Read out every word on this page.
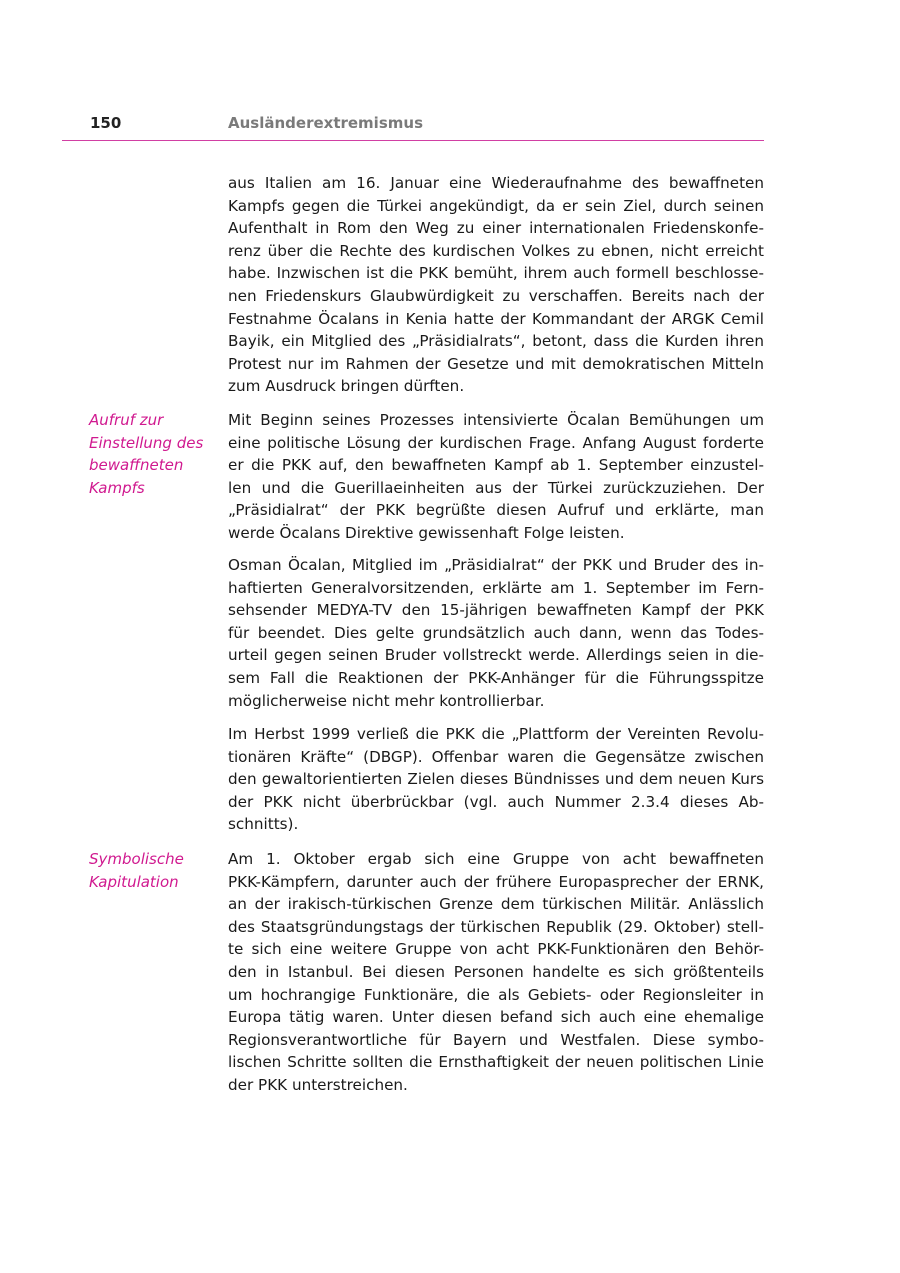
150	Ausländerextremismus
Aufruf zur
Einstellung des
bewaffneten
Kampfs
Symbolische
Kapitulation

aus Italien am 16. Januar eine Wiederaufnahme des bewaffneten
Kampfs gegen die Türkei angekündigt, da er sein Ziel, durch seinen
Aufenthalt in Rom den Weg zu einer internationalen Friedenskonfe-
renz über die Rechte des kurdischen Volkes zu ebnen, nicht erreicht
habe. Inzwischen ist die PKK bemüht, ihrem auch formell beschlosse-
nen Friedenskurs Glaubwürdigkeit zu verschaffen. Bereits nach der
Festnahme Öcalans in Kenia hatte der Kommandant der ARGK Cemil
Bayik, ein Mitglied des „Präsidialrats“, betont, dass die Kurden ihren
Protest nur im Rahmen der Gesetze und mit demokratischen Mitteln
zum Ausdruck bringen dürften.

Mit Beginn seines Prozesses intensivierte Öcalan Bemühungen um
eine politische Lösung der kurdischen Frage. Anfang August forderte
er die PKK auf, den bewaffneten Kampf ab 1. September einzustel-
len und die Guerillaeinheiten aus der Türkei zurückzuziehen. Der
„Präsidialrat“ der PKK begrüßte diesen Aufruf und erklärte, man
werde Öcalans Direktive gewissenhaft Folge leisten.

Osman Öcalan, Mitglied im „Präsidialrat“ der PKK und Bruder des in-
haftierten Generalvorsitzenden, erklärte am 1. September im Fern-
sehsender MEDYA-TV den 15-jährigen bewaffneten Kampf der PKK
für beendet. Dies gelte grundsätzlich auch dann, wenn das Todes-
urteil gegen seinen Bruder vollstreckt werde. Allerdings seien in die-
sem Fall die Reaktionen der PKK-Anhänger für die Führungsspitze
möglicherweise nicht mehr kontrollierbar.

Im Herbst 1999 verließ die PKK die „Plattform der Vereinten Revolu-
tionären Kräfte“ (DBGP). Offenbar waren die Gegensätze zwischen
den gewaltorientierten Zielen dieses Bündnisses und dem neuen Kurs
der PKK nicht überbrückbar (vgl. auch Nummer 2.3.4 dieses Ab-
schnitts).

Am 1. Oktober ergab sich eine Gruppe von acht bewaffneten
PKK-Kämpfern, darunter auch der frühere Europasprecher der ERNK,
an der irakisch-türkischen Grenze dem türkischen Militär. Anlässlich
des Staatsgründungstags der türkischen Republik (29. Oktober) stell-
te sich eine weitere Gruppe von acht PKK-Funktionären den Behör-
den in Istanbul. Bei diesen Personen handelte es sich größtenteils
um hochrangige Funktionäre, die als Gebiets- oder Regionsleiter in
Europa tätig waren. Unter diesen befand sich auch eine ehemalige
Regionsverantwortliche für Bayern und Westfalen. Diese symbo-
lischen Schritte sollten die Ernsthaftigkeit der neuen politischen Linie
der PKK unterstreichen.
